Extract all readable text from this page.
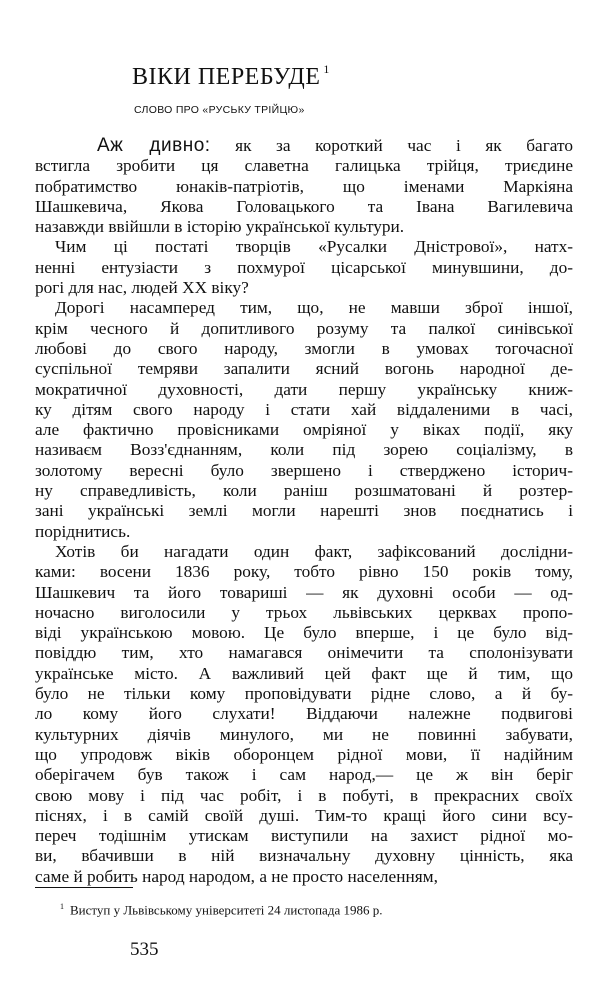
ВІКИ ПЕРЕБУДЕ $^1$
СЛОВО ПРО «РУСЬКУ ТРІЙЦЮ»
Аж дивно: як за короткий час і як багато
встигла зробити ця славетна галицька трійця, триєдине
побратимство юнаків-патріотів, що іменами Маркіяна
Шашкевича, Якова Головацького та Івана Вагилевича
назавжди ввійшли в історію української культури.
Чим ці постаті творців «Русалки Дністрової», натх-
ненні ентузіасти з похмурої цісарської минувшини, до-
рогі для нас, людей XX віку?
Дорогі насамперед тим, що, не мавши зброї іншої,
крім чесного й допитливого розуму та палкої синівської
любові до свого народу, змогли в умовах тогочасної
суспільної темряви запалити ясний вогонь народної де-
мократичної духовності, дати першу українську книж-
ку дітям свого народу і стати хай віддаленими в часі,
але фактично провісниками омріяної у віках події, яку
називаєм Возз'єднанням, коли під зорею соціалізму, в
золотому вересні було звершено і стверджено історич-
ну справедливість, коли раніш розшматовані й розтер-
зані українські землі могли нарешті знов поєднатись і
поріднитись.
Хотів би нагадати один факт, зафіксований дослідни-
ками: восени 1836 року, тобто рівно 150 років тому,
Шашкевич та його товариші — як духовні особи — од-
ночасно виголосили у трьох львівських церквах пропо-
віді українською мовою. Це було вперше, і це було від-
повіддю тим, хто намагався онімечити та сполонізувати
українське місто. А важливий цей факт ще й тим, що
було не тільки кому проповідувати рідне слово, а й бу-
ло кому його слухати! Віддаючи належне подвигові
культурних діячів минулого, ми не повинні забувати,
що упродовж віків оборонцем рідної мови, її надійним
оберігачем був також і сам народ,— це ж він беріг
свою мову і під час робіт, і в побуті, в прекрасних своїх
піснях, і в самій своїй душі. Тим-то кращі його сини всу-
переч тодішнім утискам виступили на захист рідної мо-
ви, вбачивши в ній визначальну духовну цінність, яка
саме й робить народ народом, а не просто населенням,
$^1$ Виступ у Львівському університеті 24 листопада 1986 р.
535
